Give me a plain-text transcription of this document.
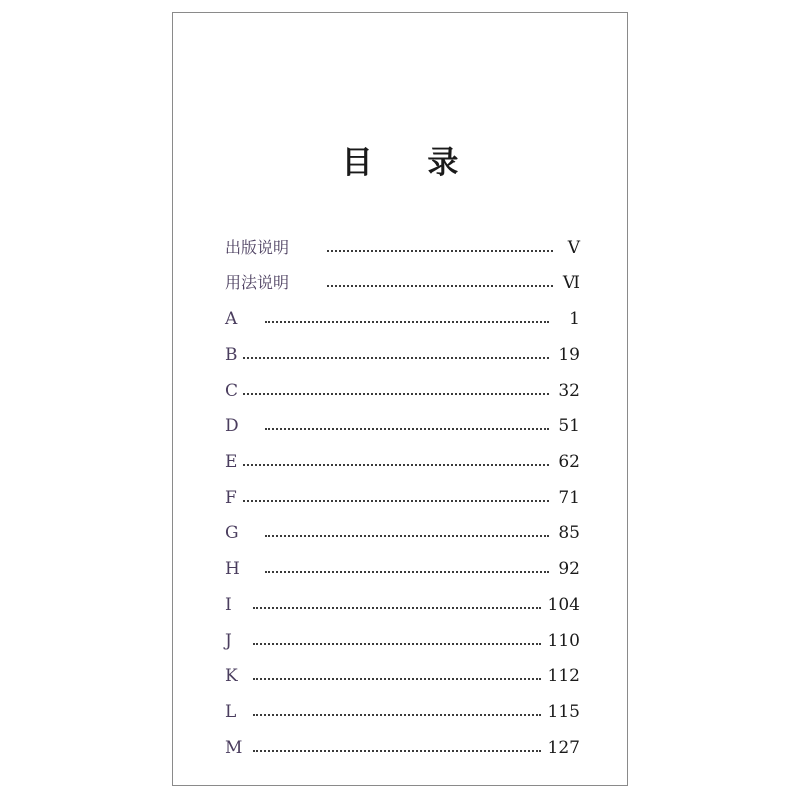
目 录
出版说明	V
用法说明	Ⅵ
A	1
B	19
C	32
D	51
E	62
F	71
G	85
H	92
I	104
J	110
K	112
L	115
M	127
